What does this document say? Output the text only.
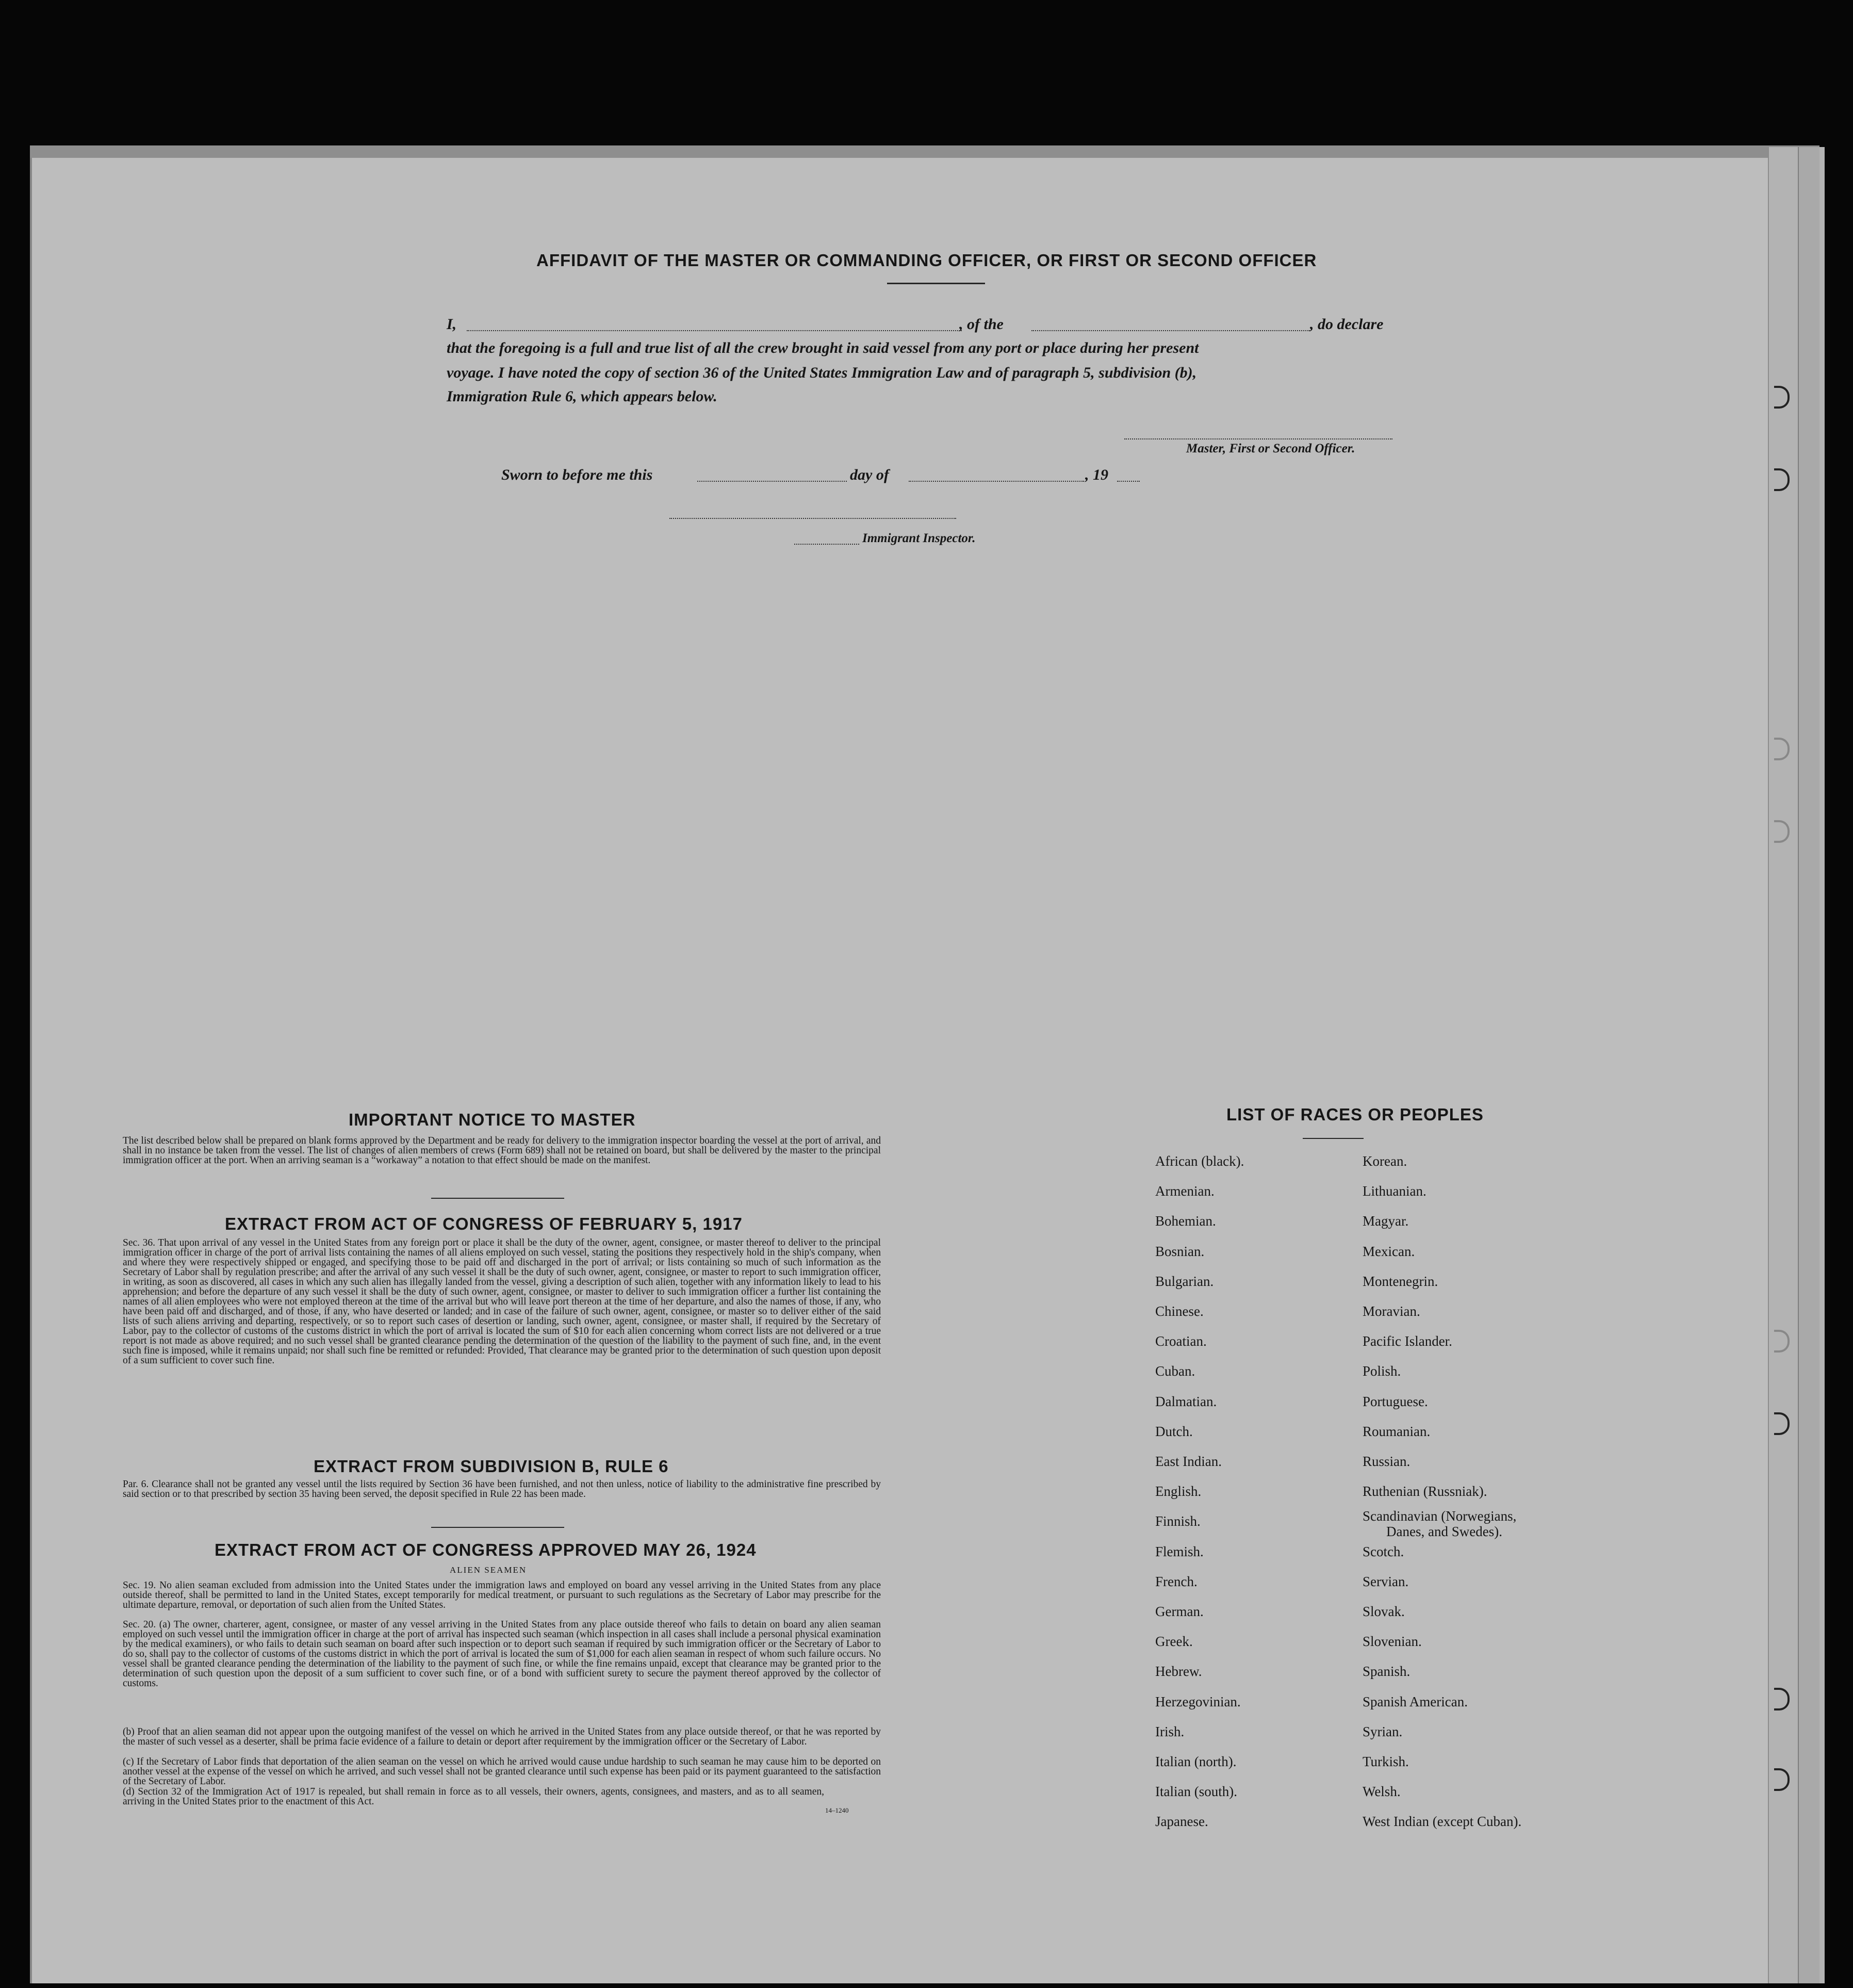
AFFIDAVIT OF THE MASTER OR COMMANDING OFFICER, OR FIRST OR SECOND OFFICER
I,	, of the	, do declare
that the foregoing is a full and true list of all the crew brought in said vessel from any port or place during her present
voyage. I have noted the copy of section 36 of the United States Immigration Law and of paragraph 5, subdivision (b),
Immigration Rule 6, which appears below.
Master, First or Second Officer.
Sworn to before me this	day of	, 19
Immigrant Inspector.
IMPORTANT NOTICE TO MASTER
The list described below shall be prepared on blank forms approved by the Department and be ready for delivery to the immigration inspector boarding the vessel at the port of arrival, and shall in no instance be taken from the vessel. The list of changes of alien members of crews (Form 689) shall not be retained on board, but shall be delivered by the master to the principal immigration officer at the port. When an arriving seaman is a “workaway” a notation to that effect should be made on the manifest.
EXTRACT FROM ACT OF CONGRESS OF FEBRUARY 5, 1917
Sec. 36. That upon arrival of any vessel in the United States from any foreign port or place it shall be the duty of the owner, agent, consignee, or master thereof to deliver to the principal immigration officer in charge of the port of arrival lists containing the names of all aliens employed on such vessel, stating the positions they respectively hold in the ship's company, when and where they were respectively shipped or engaged, and specifying those to be paid off and discharged in the port of arrival; or lists containing so much of such information as the Secretary of Labor shall by regulation prescribe; and after the arrival of any such vessel it shall be the duty of such owner, agent, consignee, or master to report to such immigration officer, in writing, as soon as discovered, all cases in which any such alien has illegally landed from the vessel, giving a description of such alien, together with any information likely to lead to his apprehension; and before the departure of any such vessel it shall be the duty of such owner, agent, consignee, or master to deliver to such immigration officer a further list containing the names of all alien employees who were not employed thereon at the time of the arrival but who will leave port thereon at the time of her departure, and also the names of those, if any, who have been paid off and discharged, and of those, if any, who have deserted or landed; and in case of the failure of such owner, agent, consignee, or master so to deliver either of the said lists of such aliens arriving and departing, respectively, or so to report such cases of desertion or landing, such owner, agent, consignee, or master shall, if required by the Secretary of Labor, pay to the collector of customs of the customs district in which the port of arrival is located the sum of $10 for each alien concerning whom correct lists are not delivered or a true report is not made as above required; and no such vessel shall be granted clearance pending the determination of the question of the liability to the payment of such fine, and, in the event such fine is imposed, while it remains unpaid; nor shall such fine be remitted or refunded: Provided, That clearance may be granted prior to the determination of such question upon deposit of a sum sufficient to cover such fine.
EXTRACT FROM SUBDIVISION B, RULE 6
Par. 6. Clearance shall not be granted any vessel until the lists required by Section 36 have been furnished, and not then unless, notice of liability to the administrative fine prescribed by said section or to that prescribed by section 35 having been served, the deposit specified in Rule 22 has been made.
EXTRACT FROM ACT OF CONGRESS APPROVED MAY 26, 1924
ALIEN SEAMEN
Sec. 19. No alien seaman excluded from admission into the United States under the immigration laws and employed on board any vessel arriving in the United States from any place outside thereof, shall be permitted to land in the United States, except temporarily for medical treatment, or pursuant to such regulations as the Secretary of Labor may prescribe for the ultimate departure, removal, or deportation of such alien from the United States.
Sec. 20. (a) The owner, charterer, agent, consignee, or master of any vessel arriving in the United States from any place outside thereof who fails to detain on board any alien seaman employed on such vessel until the immigration officer in charge at the port of arrival has inspected such seaman (which inspection in all cases shall include a personal physical examination by the medical examiners), or who fails to detain such seaman on board after such inspection or to deport such seaman if required by such immigration officer or the Secretary of Labor to do so, shall pay to the collector of customs of the customs district in which the port of arrival is located the sum of $1,000 for each alien seaman in respect of whom such failure occurs. No vessel shall be granted clearance pending the determination of the liability to the payment of such fine, or while the fine remains unpaid, except that clearance may be granted prior to the determination of such question upon the deposit of a sum sufficient to cover such fine, or of a bond with sufficient surety to secure the payment thereof approved by the collector of customs.
(b) Proof that an alien seaman did not appear upon the outgoing manifest of the vessel on which he arrived in the United States from any place outside thereof, or that he was reported by the master of such vessel as a deserter, shall be prima facie evidence of a failure to detain or deport after requirement by the immigration officer or the Secretary of Labor.
(c) If the Secretary of Labor finds that deportation of the alien seaman on the vessel on which he arrived would cause undue hardship to such seaman he may cause him to be deported on another vessel at the expense of the vessel on which he arrived, and such vessel shall not be granted clearance until such expense has been paid or its payment guaranteed to the satisfaction of the Secretary of Labor.
(d) Section 32 of the Immigration Act of 1917 is repealed, but shall remain in force as to all vessels, their owners, agents, consignees, and masters, and as to all seamen, arriving in the United States prior to the enactment of this Act.
14–1240
LIST OF RACES OR PEOPLES
African (black).
Armenian.
Bohemian.
Bosnian.
Bulgarian.
Chinese.
Croatian.
Cuban.
Dalmatian.
Dutch.
East Indian.
English.
Finnish.
Flemish.
French.
German.
Greek.
Hebrew.
Herzegovinian.
Irish.
Italian (north).
Italian (south).
Japanese.
Korean.
Lithuanian.
Magyar.
Mexican.
Montenegrin.
Moravian.
Pacific Islander.
Polish.
Portuguese.
Roumanian.
Russian.
Ruthenian (Russniak).
Scandinavian (Norwegians,
Danes, and Swedes).
Scotch.
Servian.
Slovak.
Slovenian.
Spanish.
Spanish American.
Syrian.
Turkish.
Welsh.
West Indian (except Cuban).
